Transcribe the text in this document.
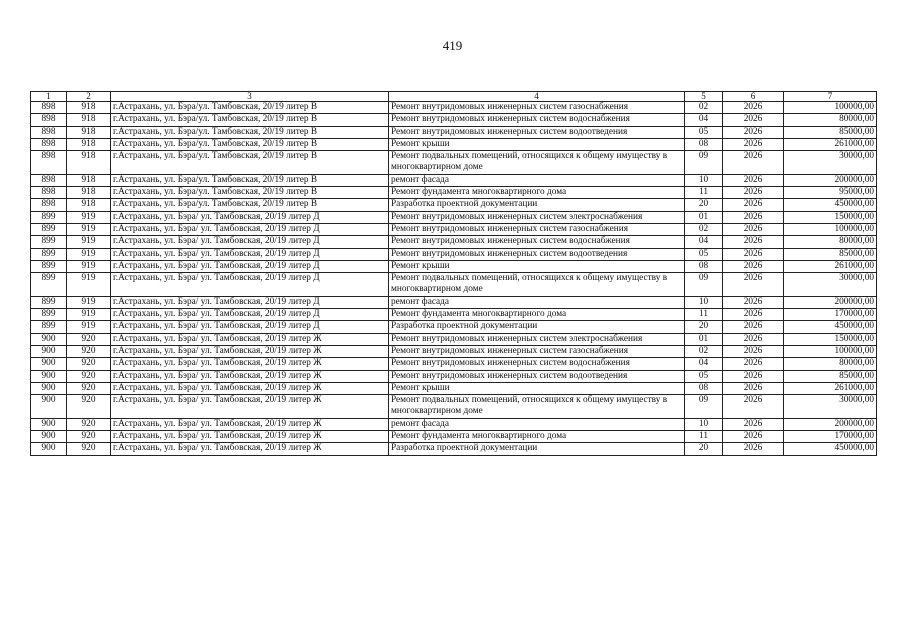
419
1	2	3	4	5	6	7
898	918	г.Астрахань, ул. Бэра/ул. Тамбовская, 20/19 литер В	Ремонт внутридомовых инженерных систем газоснабжения	02	2026	100000,00
898	918	г.Астрахань, ул. Бэра/ул. Тамбовская, 20/19 литер В	Ремонт внутридомовых инженерных систем водоснабжения	04	2026	80000,00
898	918	г.Астрахань, ул. Бэра/ул. Тамбовская, 20/19 литер В	Ремонт внутридомовых инженерных систем водоотведения	05	2026	85000,00
898	918	г.Астрахань, ул. Бэра/ул. Тамбовская, 20/19 литер В	Ремонт крыши	08	2026	261000,00
898	918	г.Астрахань, ул. Бэра/ул. Тамбовская, 20/19 литер В	Ремонт подвальных помещений, относящихся к общему имуществу в многоквартирном доме	09	2026	30000,00
898	918	г.Астрахань, ул. Бэра/ул. Тамбовская, 20/19 литер В	ремонт фасада	10	2026	200000,00
898	918	г.Астрахань, ул. Бэра/ул. Тамбовская, 20/19 литер В	Ремонт фундамента многоквартирного дома	11	2026	95000,00
898	918	г.Астрахань, ул. Бэра/ул. Тамбовская, 20/19 литер В	Разработка проектной документации	20	2026	450000,00
899	919	г.Астрахань, ул. Бэра/ ул. Тамбовская, 20/19 литер Д	Ремонт внутридомовых инженерных систем электроснабжения	01	2026	150000,00
899	919	г.Астрахань, ул. Бэра/ ул. Тамбовская, 20/19 литер Д	Ремонт внутридомовых инженерных систем газоснабжения	02	2026	100000,00
899	919	г.Астрахань, ул. Бэра/ ул. Тамбовская, 20/19 литер Д	Ремонт внутридомовых инженерных систем водоснабжения	04	2026	80000,00
899	919	г.Астрахань, ул. Бэра/ ул. Тамбовская, 20/19 литер Д	Ремонт внутридомовых инженерных систем водоотведения	05	2026	85000,00
899	919	г.Астрахань, ул. Бэра/ ул. Тамбовская, 20/19 литер Д	Ремонт крыши	08	2026	261000,00
899	919	г.Астрахань, ул. Бэра/ ул. Тамбовская, 20/19 литер Д	Ремонт подвальных помещений, относящихся к общему имуществу в многоквартирном доме	09	2026	30000,00
899	919	г.Астрахань, ул. Бэра/ ул. Тамбовская, 20/19 литер Д	ремонт фасада	10	2026	200000,00
899	919	г.Астрахань, ул. Бэра/ ул. Тамбовская, 20/19 литер Д	Ремонт фундамента многоквартирного дома	11	2026	170000,00
899	919	г.Астрахань, ул. Бэра/ ул. Тамбовская, 20/19 литер Д	Разработка проектной документации	20	2026	450000,00
900	920	г.Астрахань, ул. Бэра/ ул. Тамбовская, 20/19 литер Ж	Ремонт внутридомовых инженерных систем электроснабжения	01	2026	150000,00
900	920	г.Астрахань, ул. Бэра/ ул. Тамбовская, 20/19 литер Ж	Ремонт внутридомовых инженерных систем газоснабжения	02	2026	100000,00
900	920	г.Астрахань, ул. Бэра/ ул. Тамбовская, 20/19 литер Ж	Ремонт внутридомовых инженерных систем водоснабжения	04	2026	80000,00
900	920	г.Астрахань, ул. Бэра/ ул. Тамбовская, 20/19 литер Ж	Ремонт внутридомовых инженерных систем водоотведения	05	2026	85000,00
900	920	г.Астрахань, ул. Бэра/ ул. Тамбовская, 20/19 литер Ж	Ремонт крыши	08	2026	261000,00
900	920	г.Астрахань, ул. Бэра/ ул. Тамбовская, 20/19 литер Ж	Ремонт подвальных помещений, относящихся к общему имуществу в многоквартирном доме	09	2026	30000,00
900	920	г.Астрахань, ул. Бэра/ ул. Тамбовская, 20/19 литер Ж	ремонт фасада	10	2026	200000,00
900	920	г.Астрахань, ул. Бэра/ ул. Тамбовская, 20/19 литер Ж	Ремонт фундамента многоквартирного дома	11	2026	170000,00
900	920	г.Астрахань, ул. Бэра/ ул. Тамбовская, 20/19 литер Ж	Разработка проектной документации	20	2026	450000,00
